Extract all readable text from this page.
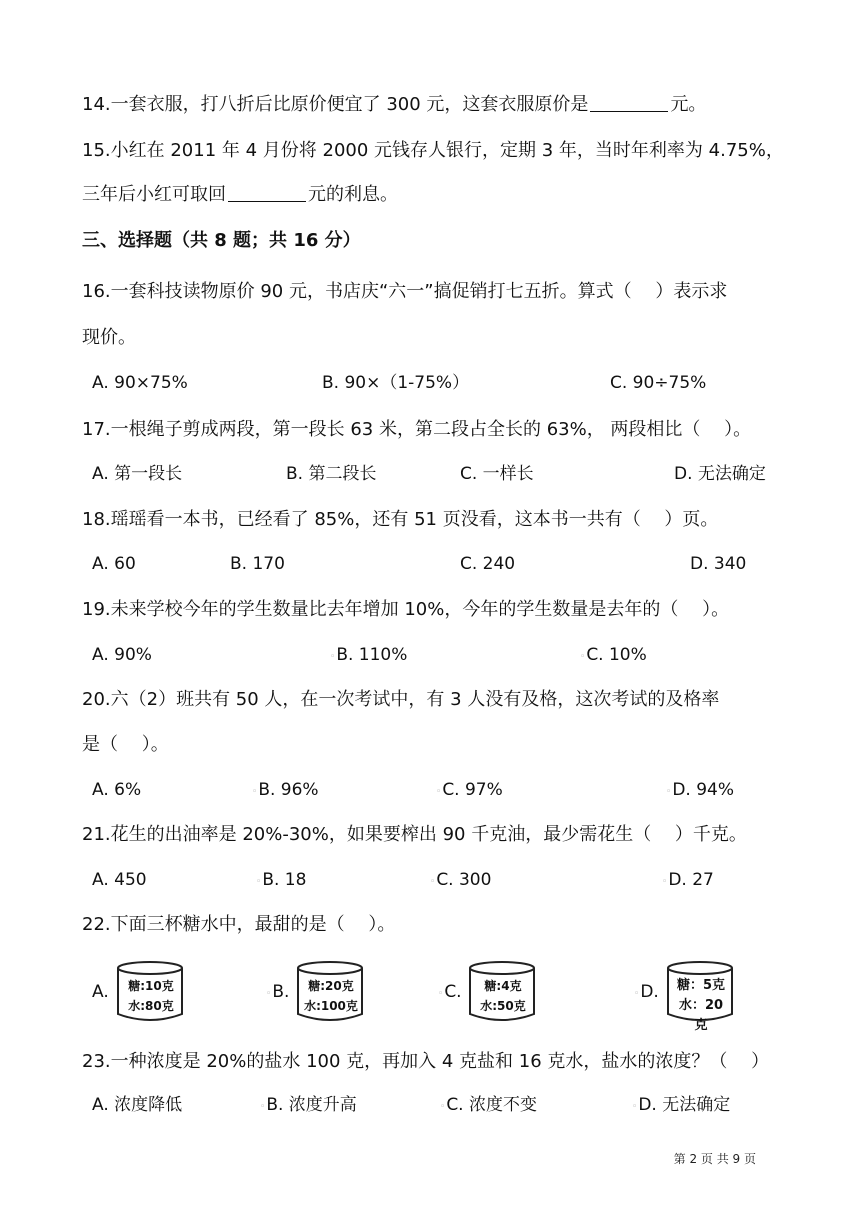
14.一套衣服，打八折后比原价便宜了 300 元，这套衣服原价是	元。
15.小红在 2011 年 4 月份将 2000 元钱存人银行，定期 3 年，当时年利率为 4.75%，
三年后小红可取回	元的利息。
三、选择题（共 8 题；共 16 分）
16.一套科技读物原价 90 元，书店庆“六一”搞促销打七五折。算式（　 ）表示求
现价。
A. 90×75%	B. 90×（1-75%）	C. 90÷75%
17.一根绳子剪成两段，第一段长 63 米，第二段占全长的 63%， 两段相比（　 ）。
A. 第一段长	B. 第二段长	C. 一样长	D. 无法确定
18.瑶瑶看一本书，已经看了 85%，还有 51 页没看，这本书一共有（　 ）页。
A. 60	B. 170	C. 240	D. 340
19.未来学校今年的学生数量比去年增加 10%，今年的学生数量是去年的（　 ）。
A. 90%	◦B. 110%	◦C. 10%
20.六（2）班共有 50 人，在一次考试中，有 3 人没有及格，这次考试的及格率
是（　 ）。
A. 6%	◦B. 96%	◦C. 97%	◦D. 94%
21.花生的出油率是 20%-30%，如果要榨出 90 千克油，最少需花生（　 ）千克。
A. 450	◦B. 18	◦C. 300	◦D. 27
22.下面三杯糖水中，最甜的是（　 ）。
A.	糖:10克
水:80克
◦B.	糖:20克
水:100克
◦C.	糖:4克
水:50克
◦D. 糖：5克
水：20克
23.一种浓度是 20%的盐水 100 克，再加入 4 克盐和 16 克水，盐水的浓度？（　 ）
A. 浓度降低	◦B. 浓度升高	◦C. 浓度不变	◦D. 无法确定
第 2 页 共 9 页
